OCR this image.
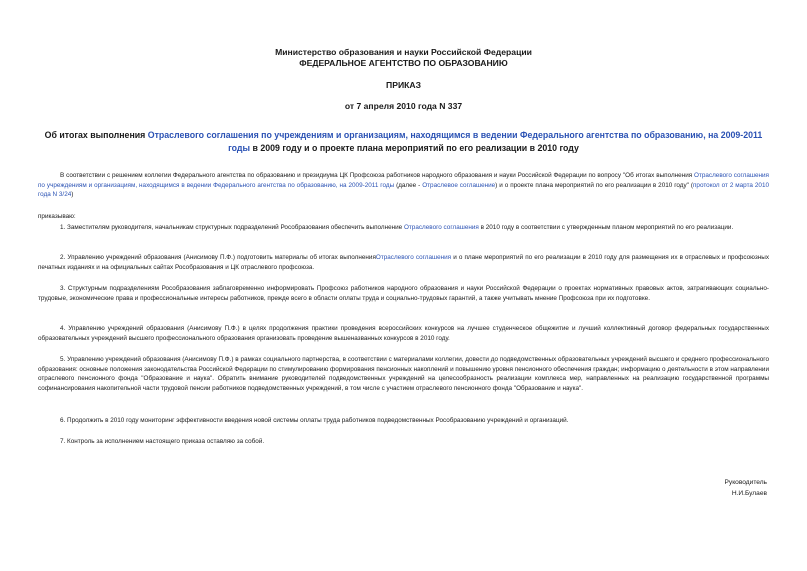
Министерство образования и науки Российской Федерации
ФЕДЕРАЛЬНОЕ АГЕНТСТВО ПО ОБРАЗОВАНИЮ
ПРИКАЗ
от 7 апреля 2010 года N 337
Об итогах выполнения Отраслевого соглашения по учреждениям и организациям, находящимся в ведении Федерального агентства по образованию, на 2009-2011 годы в 2009 году и о проекте плана мероприятий по его реализации в 2010 году
В соответствии с решением коллегии Федерального агентства по образованию и президиума ЦК Профсоюза работников народного образования и науки Российской Федерации по вопросу "Об итогах выполнения Отраслевого соглашения по учреждениям и организациям, находящимся в ведении Федерального агентства по образованию, на 2009-2011 годы (далее - Отраслевое соглашение) и о проекте плана мероприятий по его реализации в 2010 году" (протокол от 2 марта 2010 года N 3/24)
приказываю:
1. Заместителям руководителя, начальникам структурных подразделений Рособразования обеспечить выполнение Отраслевого соглашения в 2010 году в соответствии с утвержденным планом мероприятий по его реализации.
2. Управлению учреждений образования (Анисимову П.Ф.) подготовить материалы об итогах выполненияОтраслевого соглашения и о плане мероприятий по его реализации в 2010 году для размещения их в отраслевых и профсоюзных печатных изданиях и на официальных сайтах Рособразования и ЦК отраслевого профсоюза.
3. Структурным подразделениям Рособразования заблаговременно информировать Профсоюз работников народного образования и науки Российской Федерации о проектах нормативных правовых актов, затрагивающих социально-трудовые, экономические права и профессиональные интересы работников, прежде всего в области оплаты труда и социально-трудовых гарантий, а также учитывать мнение Профсоюза при их подготовке.
4. Управлению учреждений образования (Анисимову П.Ф.) в целях продолжения практики проведения всероссийских конкурсов на лучшее студенческое общежитие и лучший коллективный договор федеральных государственных образовательных учреждений высшего профессионального образования организовать проведение вышеназванных конкурсов в 2010 году.
5. Управлению учреждений образования (Анисимову П.Ф.) в рамках социального партнерства, в соответствии с материалами коллегии, довести до подведомственных образовательных учреждений высшего и среднего профессионального образования: основные положения законодательства Российской Федерации по стимулированию формирования пенсионных накоплений и повышению уровня пенсионного обеспечения граждан; информацию о деятельности в этом направлении отраслевого пенсионного фонда "Образование и наука". Обратить внимание руководителей подведомственных учреждений на целесообразность реализации комплекса мер, направленных на реализацию государственной программы софинансирования накопительной части трудовой пенсии работников подведомственных учреждений, в том числе с участием отраслевого пенсионного фонда "Образование и наука".
6. Продолжить в 2010 году мониторинг эффективности введения новой системы оплаты труда работников подведомственных Рособразованию учреждений и организаций.
7. Контроль за исполнением настоящего приказа оставляю за собой.
Руководитель
Н.И.Булаев
